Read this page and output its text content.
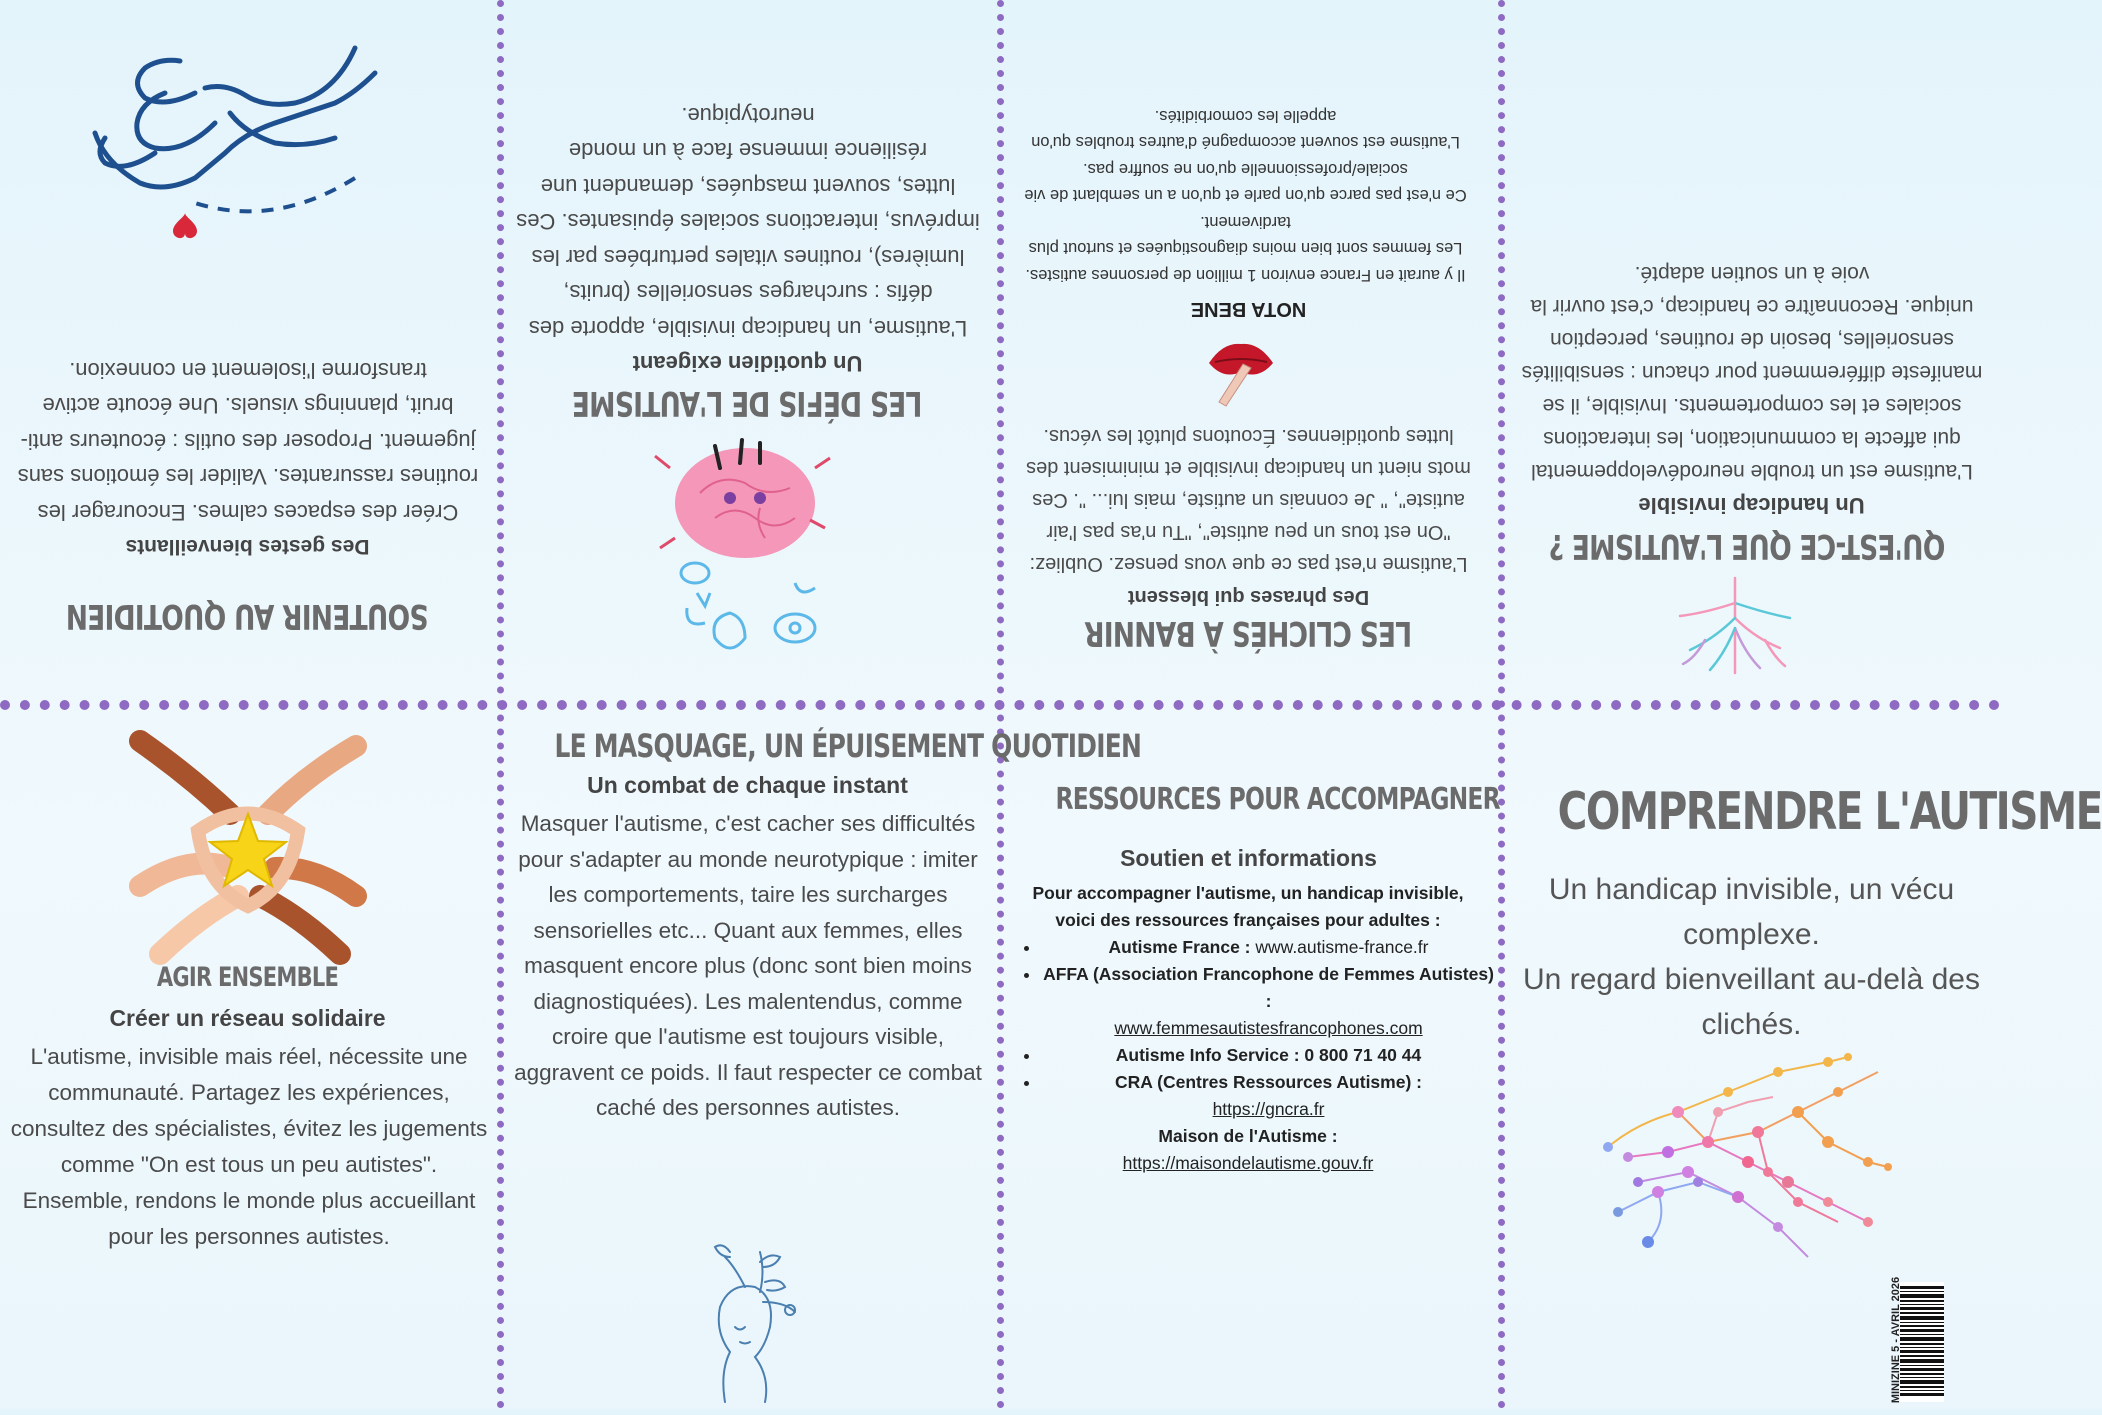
SOUTENIR AU QUOTIDIEN
Des gestes bienveillants
Créer des espaces calmes. Encourager les routines rassurantes. Valider les émotions sans jugement. Proposer des outils : écouteurs anti-bruit, plannings visuels. Une écoute active transforme l'isolement en connexion.
LES DÉFIS DE L'AUTISME
Un quotidien exigeant
L'autisme, un handicap invisible, apporte des défis : surcharges sensorielles (bruits, lumières), routines vitales perturbées par les imprévus, interactions sociales épuisantes. Ces luttes, souvent masquées, demandent une résilience immense face à un monde neurotypique.
LES CLICHÉS À BANNIR
Des phrases qui blessent
L'autisme n'est pas ce que vous pensez. Oubliez: "On est tous un peu autiste", "Tu n'as pas l'air autiste", " Je connais un autiste, mais lui... ". Ces mots nient un handicap invisible et minimisent des luttes quotidiennes. Écoutons plutôt les vécus.
NOTA BENE
Il y aurait en France environ 1 million de personnes autistes.
Les femmes sont bien moins diagnostiquées et surtout plus tardivement.
Ce n'est pas parce qu'on parle et qu'on a un semblant de vie sociale/professionnelle qu'on ne souffre pas.
L'autisme est souvent accompagné d'autres troubles qu'on appelle les comorbidités.
QU'EST-CE QUE L'AUTISME ?
Un handicap invisible
L'autisme est un trouble neurodéveloppemental qui affecte la communication, les interactions sociales et les comportements. Invisible, il se manifeste différemment pour chacun : sensibilités sensorielles, besoin de routines, perception unique. Reconnaître ce handicap, c'est ouvrir la voie à un soutien adapté.
AGIR ENSEMBLE
Créer un réseau solidaire
L'autisme, invisible mais réel, nécessite une communauté. Partagez les expériences, consultez des spécialistes, évitez les jugements comme "On est tous un peu autistes". Ensemble, rendons le monde plus accueillant pour les personnes autistes.
LE MASQUAGE, UN ÉPUISEMENT QUOTIDIEN
Un combat de chaque instant
Masquer l'autisme, c'est cacher ses difficultés pour s'adapter au monde neurotypique : imiter les comportements, taire les surcharges sensorielles etc... Quant aux femmes, elles masquent encore plus (donc sont bien moins diagnostiquées). Les malentendus, comme croire que l'autisme est toujours visible, aggravent ce poids. Il faut respecter ce combat caché des personnes autistes.
RESSOURCES POUR ACCOMPAGNER
Soutien et informations
Pour accompagner l'autisme, un handicap invisible, voici des ressources françaises pour adultes :
• Autisme France : www.autisme-france.fr
• AFFA (Association Francophone de Femmes Autistes) :
www.femmesautistesfrancophones.com
• Autisme Info Service : 0 800 71 40 44
• CRA (Centres Ressources Autisme) :
https://gncra.fr
Maison de l'Autisme :
https://maisondelautisme.gouv.fr
COMPRENDRE L'AUTISME
Un handicap invisible, un vécu complexe.
Un regard bienveillant au-delà des clichés.
MINIZINE 5 - AVRIL 2026
